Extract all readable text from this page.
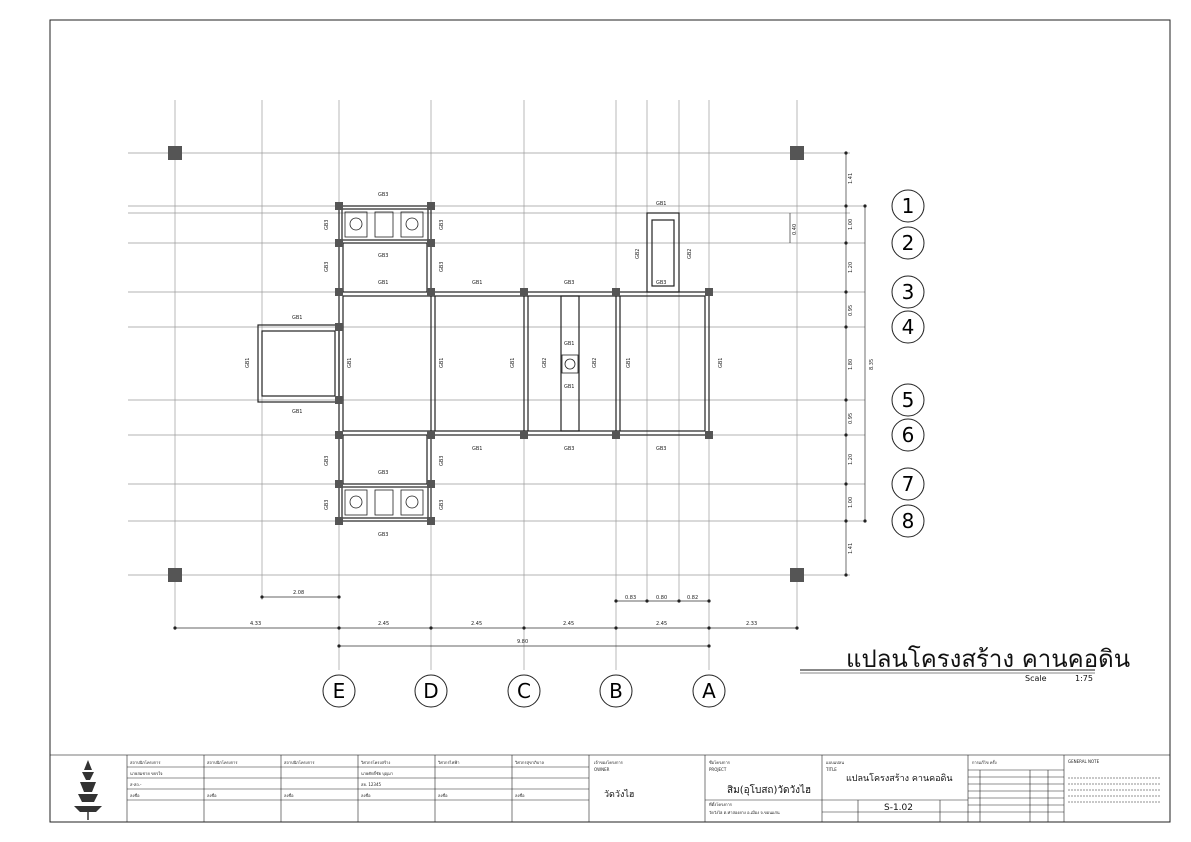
GB3
GB3
GB1	GB1	GB3	GB3
GB1
GB1
GB1
GB1	GB3	GB3
GB3
GB3
GB1
GB1
GB1	GB1	GB1	GB1	GB2	GB2	GB1	GB1
GB2	GB2
GB3
GB3
GB3
GB3
GB3
GB3
GB3
GB3
4.33	2.45	2.45	2.45	2.45	2.33
9.80
2.08
0.83	0.80	0.82
1.41
1.00
1.20
0.95
1.80
0.95
1.20
1.00
1.41
8.35
0.40
1
2
3
4
5
6
7
8
E	D	C	B	A
แปลนโครงสร้าง คานคอดิน
Scale	1:75
สถาปนิกโครงการ
นายสมชาย ขจรใจ
ส-สถ.-
ลงชื่อ
สถาปนิกโครงการ
ลงชื่อ
สถาปนิกโครงการ
ลงชื่อ
วิศวกรโครงสร้าง
นายศักดิ์ชัย บุญมา
สย. 12345
ลงชื่อ
วิศวกรไฟฟ้า
ลงชื่อ
วิศวกรสุขาภิบาล
ลงชื่อ
เจ้าของโครงการ
OWNER
วัดวังไฮ
ชื่อโครงการ
PROJECT
สิม(อุโบสถ)วัดวังไฮ
ที่ตั้งโครงการ
วัดวังไฮ ต.ท่าสองยาง อ.เมือง จ.ขอนแก่น
แบบแปลน
TITLE
แปลนโครงสร้าง คานคอดิน
S-1.02
การแก้ไข ครั้ง	GENERAL NOTE
